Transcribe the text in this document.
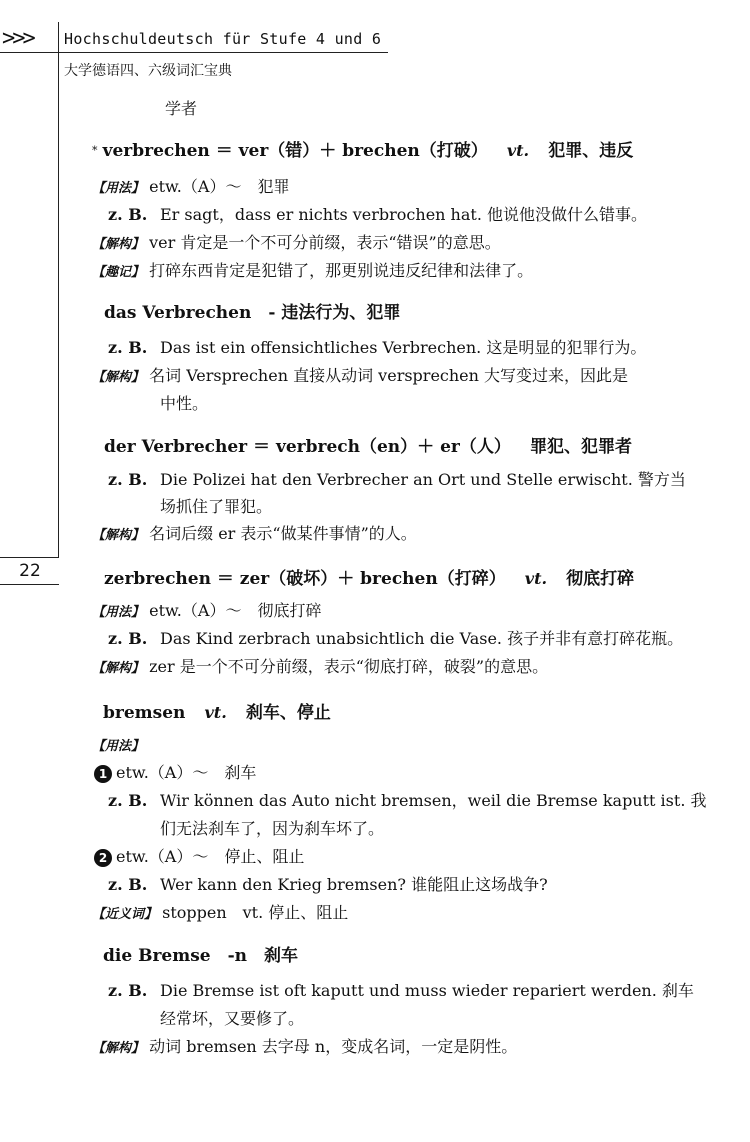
>>> Hochschuldeutsch für Stufe 4 und 6
大学德语四、六级词汇宝典
22
学者
* verbrechen ＝ ver（错）＋ brechen（打破） vt. 犯罪、违反
【用法】 etw.（A）～　犯罪
z. B. Er sagt，dass er nichts verbrochen hat. 他说他没做什么错事。
【解构】 ver 肯定是一个不可分前缀，表示“错误”的意思。
【趣记】 打碎东西肯定是犯错了，那更别说违反纪律和法律了。
das Verbrechen　- 违法行为、犯罪
z. B. Das ist ein offensichtliches Verbrechen. 这是明显的犯罪行为。
【解构】 名词 Versprechen 直接从动词 versprechen 大写变过来，因此是
中性。
der Verbrecher ＝ verbrech（en）＋ er（人） 罪犯、犯罪者
z. B. Die Polizei hat den Verbrecher an Ort und Stelle erwischt. 警方当
场抓住了罪犯。
【解构】 名词后缀 er 表示“做某件事情”的人。
zerbrechen ＝ zer（破坏）＋ brechen（打碎） vt. 彻底打碎
【用法】 etw.（A）～　彻底打碎
z. B. Das Kind zerbrach unabsichtlich die Vase. 孩子并非有意打碎花瓶。
【解构】 zer 是一个不可分前缀，表示“彻底打碎，破裂”的意思。
bremsen vt. 刹车、停止
【用法】
1 etw.（A）～　刹车
z. B. Wir können das Auto nicht bremsen，weil die Bremse kaputt ist. 我
们无法刹车了，因为刹车坏了。
2 etw.（A）～　停止、阻止
z. B. Wer kann den Krieg bremsen? 谁能阻止这场战争?
【近义词】 stoppen　vt. 停止、阻止
die Bremse　-n　刹车
z. B. Die Bremse ist oft kaputt und muss wieder repariert werden. 刹车
经常坏，又要修了。
【解构】 动词 bremsen 去字母 n，变成名词，一定是阴性。
